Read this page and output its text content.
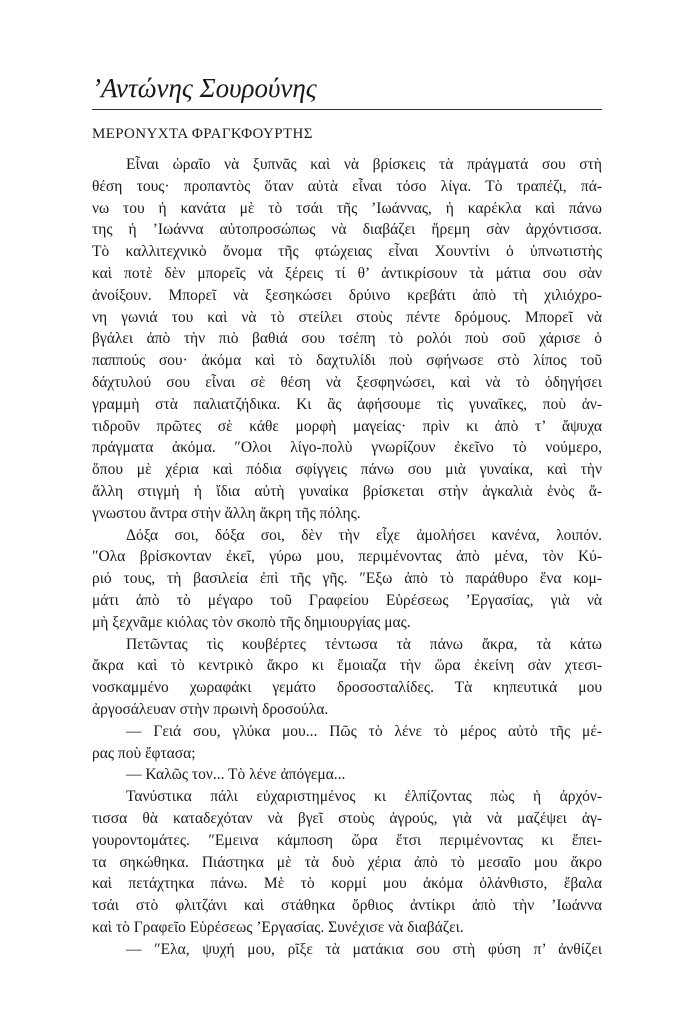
’Αντώνης Σουρούνης
ΜΕΡΟΝΥΧΤΑ ΦΡΑΓΚΦΟΥΡΤΗΣ
Εἶναι ὡραῖο νὰ ξυπνᾶς καὶ νὰ βρίσκεις τὰ πράγματά σου στὴ
θέση τους· προπαντὸς ὅταν αὐτὰ εἶναι τόσο λίγα. Τὸ τραπέζι, πά-
νω του ἡ κανάτα μὲ τὸ τσάι τῆς ’Ιωάννας, ἡ καρέκλα καὶ πάνω
της ἡ ’Ιωάννα αὐτοπροσώπως νὰ διαβάζει ἤρεμη σὰν ἀρχόντισσα.
Τὸ καλλιτεχνικὸ ὄνομα τῆς φτώχειας εἶναι Χουντίνι ὁ ὑπνωτιστὴς
καὶ ποτὲ δὲν μπορεῖς νὰ ξέρεις τί θ’ ἀντικρίσουν τὰ μάτια σου σὰν
ἀνοίξουν. Μπορεῖ νὰ ξεσηκώσει δρύινο κρεβάτι ἀπὸ τὴ χιλιόχρο-
νη γωνιά του καὶ νὰ τὸ στείλει στοὺς πέντε δρόμους. Μπορεῖ νὰ
βγάλει ἀπὸ τὴν πιὸ βαθιά σου τσέπη τὸ ρολόι ποὺ σοῦ χάρισε ὁ
παππούς σου· ἀκόμα καὶ τὸ δαχτυλίδι ποὺ σφήνωσε στὸ λίπος τοῦ
δάχτυλού σου εἶναι σὲ θέση νὰ ξεσφηνώσει, καὶ νὰ τὸ ὁδηγήσει
γραμμὴ στὰ παλιατζήδικα. Κι ἂς ἀφήσουμε τὶς γυναῖκες, ποὺ ἀν-
τιδροῦν πρῶτες σὲ κάθε μορφὴ μαγείας· πρὶν κι ἀπὸ τ’ ἄψυχα
πράγματα ἀκόμα. ″Ολοι λίγο-πολὺ γνωρίζουν ἐκεῖνο τὸ νούμερο,
ὅπου μὲ χέρια καὶ πόδια σφίγγεις πάνω σου μιὰ γυναίκα, καὶ τὴν
ἄλλη στιγμὴ ἡ ἴδια αὐτὴ γυναίκα βρίσκεται στὴν ἀγκαλιὰ ἑνὸς ἄ-
γνωστου ἄντρα στὴν ἄλλη ἄκρη τῆς πόλης.
Δόξα σοι, δόξα σοι, δὲν τὴν εἶχε ἀμολήσει κανένα, λοιπόν.
″Ολα βρίσκονταν ἐκεῖ, γύρω μου, περιμένοντας ἀπὸ μένα, τὸν Κύ-
ριό τους, τὴ βασιλεία ἐπὶ τῆς γῆς. ″Εξω ἀπὸ τὸ παράθυρο ἕνα κομ-
μάτι ἀπὸ τὸ μέγαρο τοῦ Γραφείου Εὑρέσεως ’Εργασίας, γιὰ νὰ
μὴ ξεχνᾶμε κιόλας τὸν σκοπὸ τῆς δημιουργίας μας.
Πετῶντας τὶς κουβέρτες τέντωσα τὰ πάνω ἄκρα, τὰ κάτω
ἄκρα καὶ τὸ κεντρικὸ ἄκρο κι ἔμοιαζα τὴν ὥρα ἐκείνη σὰν χτεσι-
νοσκαμμένο χωραφάκι γεμάτο δροσοσταλίδες. Τὰ κηπευτικά μου
ἀργοσάλευαν στὴν πρωινὴ δροσούλα.
— Γειά σου, γλύκα μου... Πῶς τὸ λένε τὸ μέρος αὐτὸ τῆς μέ-
ρας ποὺ ἔφτασα;
— Καλῶς τον... Τὸ λένε ἀπόγεμα...
Τανύστικα πάλι εὐχαριστημένος κι ἐλπίζοντας πὼς ἡ ἀρχόν-
τισσα θὰ καταδεχόταν νὰ βγεῖ στοὺς ἀγρούς, γιὰ νὰ μαζέψει ἀγ-
γουροντομάτες. ″Εμεινα κάμποση ὥρα ἔτσι περιμένοντας κι ἔπει-
τα σηκώθηκα. Πιάστηκα μὲ τὰ δυὸ χέρια ἀπὸ τὸ μεσαῖο μου ἄκρο
καὶ πετάχτηκα πάνω. Μὲ τὸ κορμί μου ἀκόμα ὀλάνθιστο, ἔβαλα
τσάι στὸ φλιτζάνι καὶ στάθηκα ὄρθιος ἀντίκρι ἀπὸ τὴν ’Ιωάννα
καὶ τὸ Γραφεῖο Εὑρέσεως ’Εργασίας. Συνέχισε νὰ διαβάζει.
— ″Ελα, ψυχή μου, ρῖξε τὰ ματάκια σου στὴ φύση π’ ἀνθίζει
